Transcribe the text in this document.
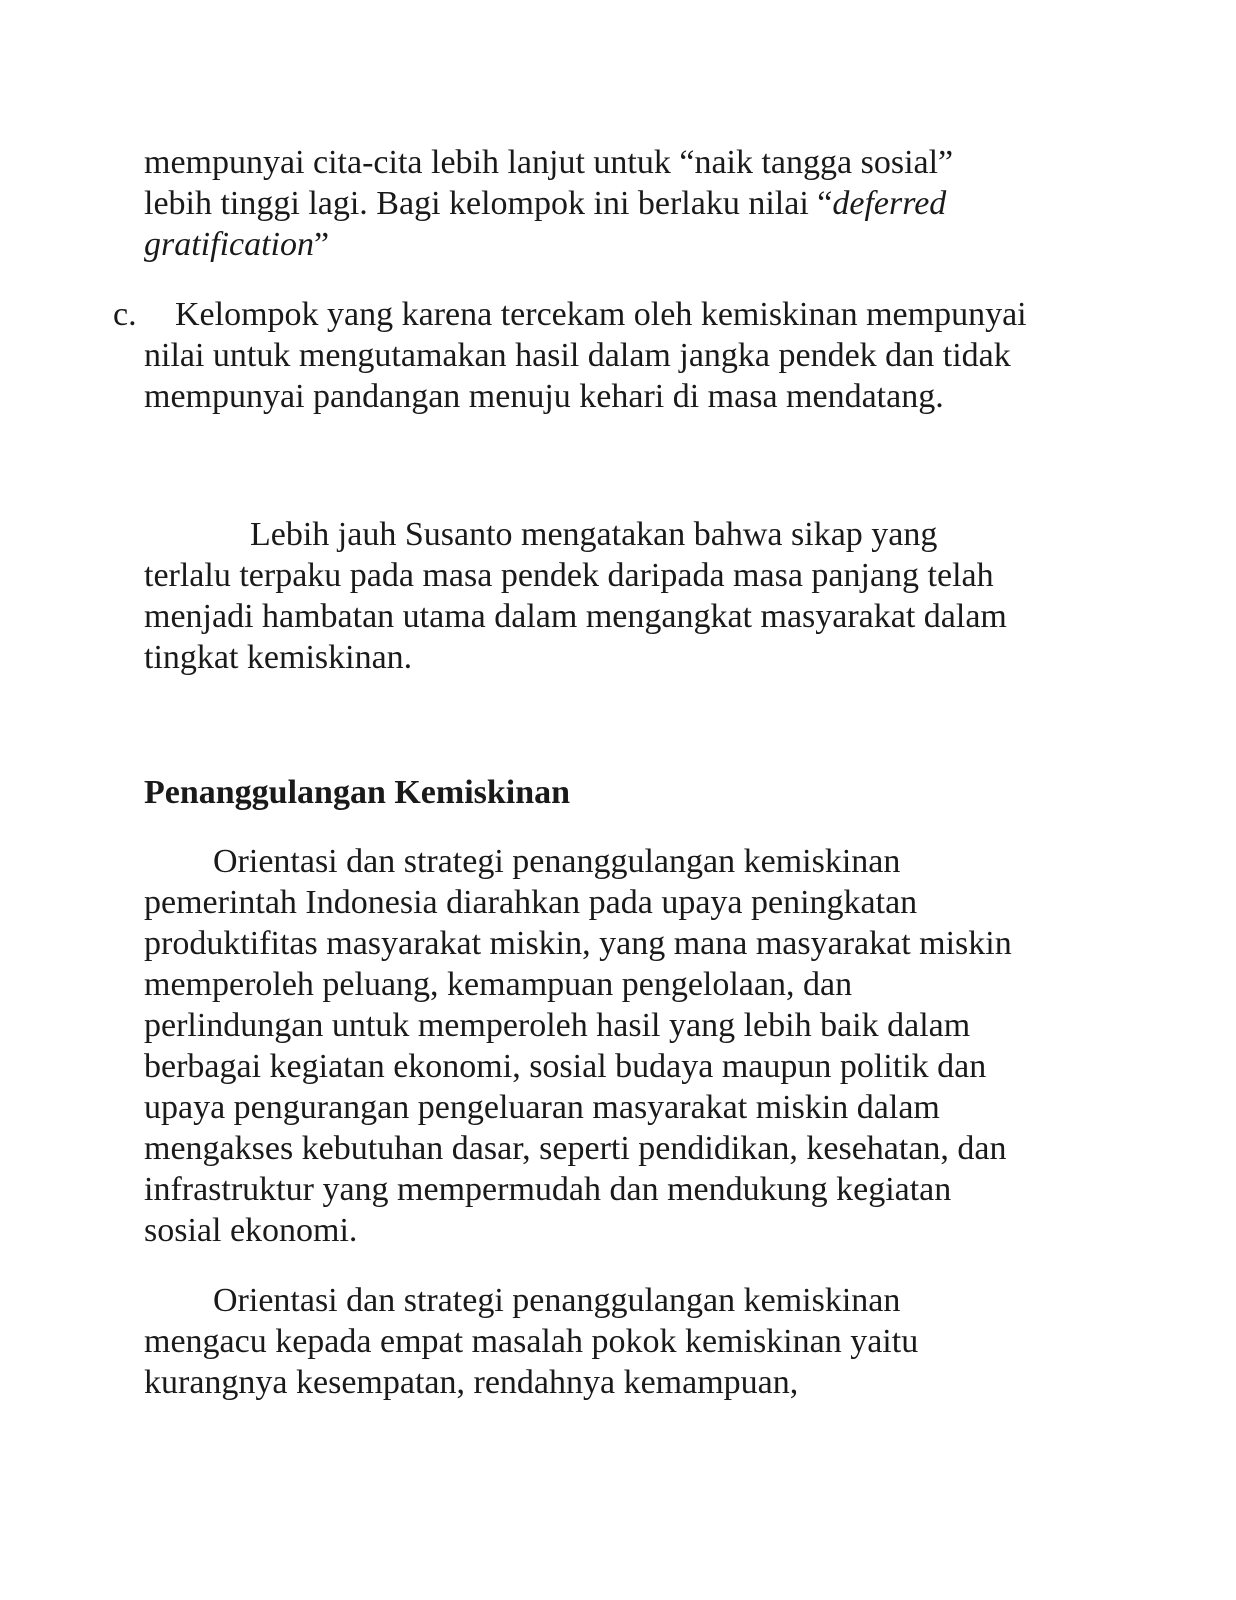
mempunyai cita-cita lebih lanjut untuk “naik tangga sosial”
lebih tinggi lagi. Bagi kelompok ini berlaku nilai “deferred
gratification”
c.	Kelompok yang karena tercekam oleh kemiskinan mempunyai
nilai untuk mengutamakan hasil dalam jangka pendek dan tidak
mempunyai pandangan menuju kehari di masa mendatang.
Lebih jauh Susanto mengatakan bahwa sikap yang
terlalu terpaku pada masa pendek daripada masa panjang telah
menjadi hambatan utama dalam mengangkat masyarakat dalam
tingkat kemiskinan.
Penanggulangan Kemiskinan
Orientasi dan strategi penanggulangan kemiskinan
pemerintah Indonesia diarahkan pada upaya peningkatan
produktifitas masyarakat miskin, yang mana masyarakat miskin
memperoleh peluang, kemampuan pengelolaan, dan
perlindungan untuk memperoleh hasil yang lebih baik dalam
berbagai kegiatan ekonomi, sosial budaya maupun politik dan
upaya pengurangan pengeluaran masyarakat miskin dalam
mengakses kebutuhan dasar, seperti pendidikan, kesehatan, dan
infrastruktur yang mempermudah dan mendukung kegiatan
sosial ekonomi.
Orientasi dan strategi penanggulangan kemiskinan
mengacu kepada empat masalah pokok kemiskinan yaitu
kurangnya kesempatan, rendahnya kemampuan,
